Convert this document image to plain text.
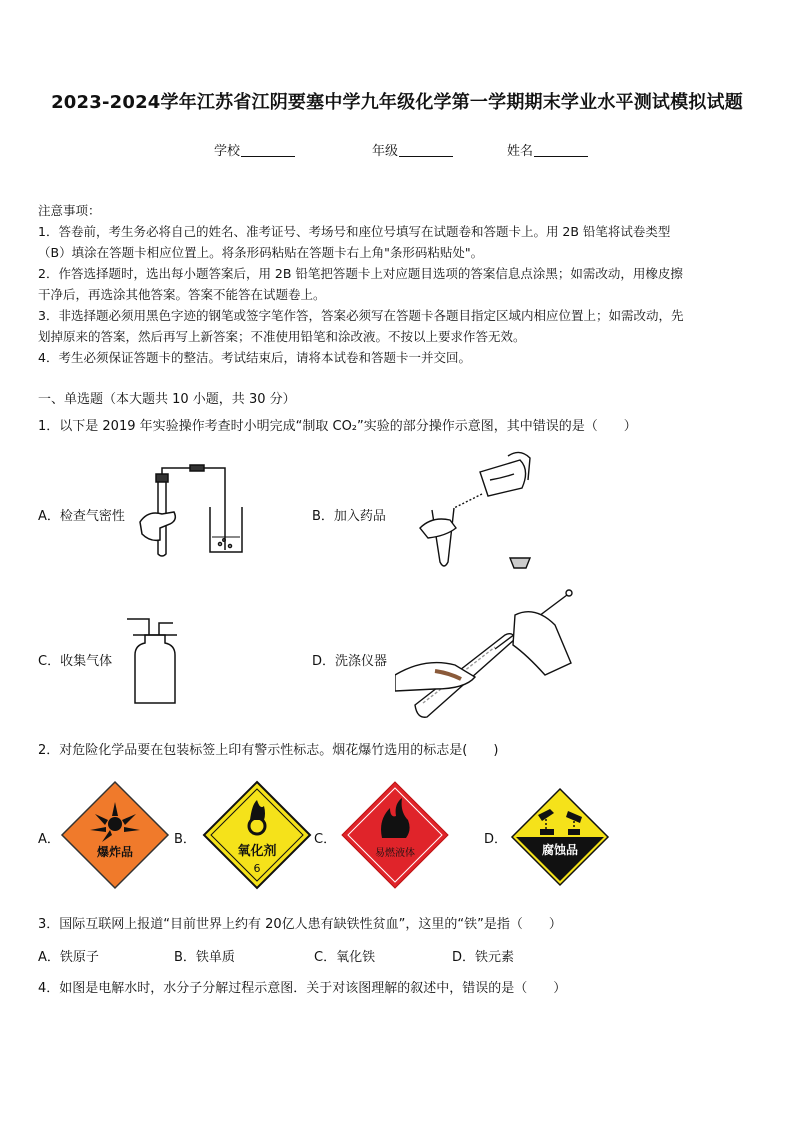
2023-2024学年江苏省江阴要塞中学九年级化学第一学期期末学业水平测试模拟试题
学校	年级	姓名
注意事项：
1．答卷前，考生务必将自己的姓名、准考证号、考场号和座位号填写在试题卷和答题卡上。用 2B 铅笔将试卷类型
（B）填涂在答题卡相应位置上。将条形码粘贴在答题卡右上角"条形码粘贴处"。
2．作答选择题时，选出每小题答案后，用 2B 铅笔把答题卡上对应题目选项的答案信息点涂黑；如需改动，用橡皮擦
干净后，再选涂其他答案。答案不能答在试题卷上。
3．非选择题必须用黑色字迹的钢笔或签字笔作答，答案必须写在答题卡各题目指定区域内相应位置上；如需改动，先
划掉原来的答案，然后再写上新答案；不准使用铅笔和涂改液。不按以上要求作答无效。
4．考生必须保证答题卡的整洁。考试结束后，请将本试卷和答题卡一并交回。
一、单选题（本大题共 10 小题，共 30 分）
1．以下是 2019 年实验操作考查时小明完成“制取 CO₂”实验的部分操作示意图，其中错误的是（　　）
A．检查气密性	B．加入药品
C．收集气体	D．洗涤仪器
2．对危险化学品要在包装标签上印有警示性标志。烟花爆竹选用的标志是(　　)
A．
爆炸品
B．
氧化剂
6
C．
易燃液体
D．
腐蚀品
3．国际互联网上报道“目前世界上约有 20亿人患有缺铁性贫血”，这里的“铁”是指（　　）
A．铁原子	B．铁单质	C．氧化铁	D．铁元素
4．如图是电解水时，水分子分解过程示意图．关于对该图理解的叙述中，错误的是（　　）
